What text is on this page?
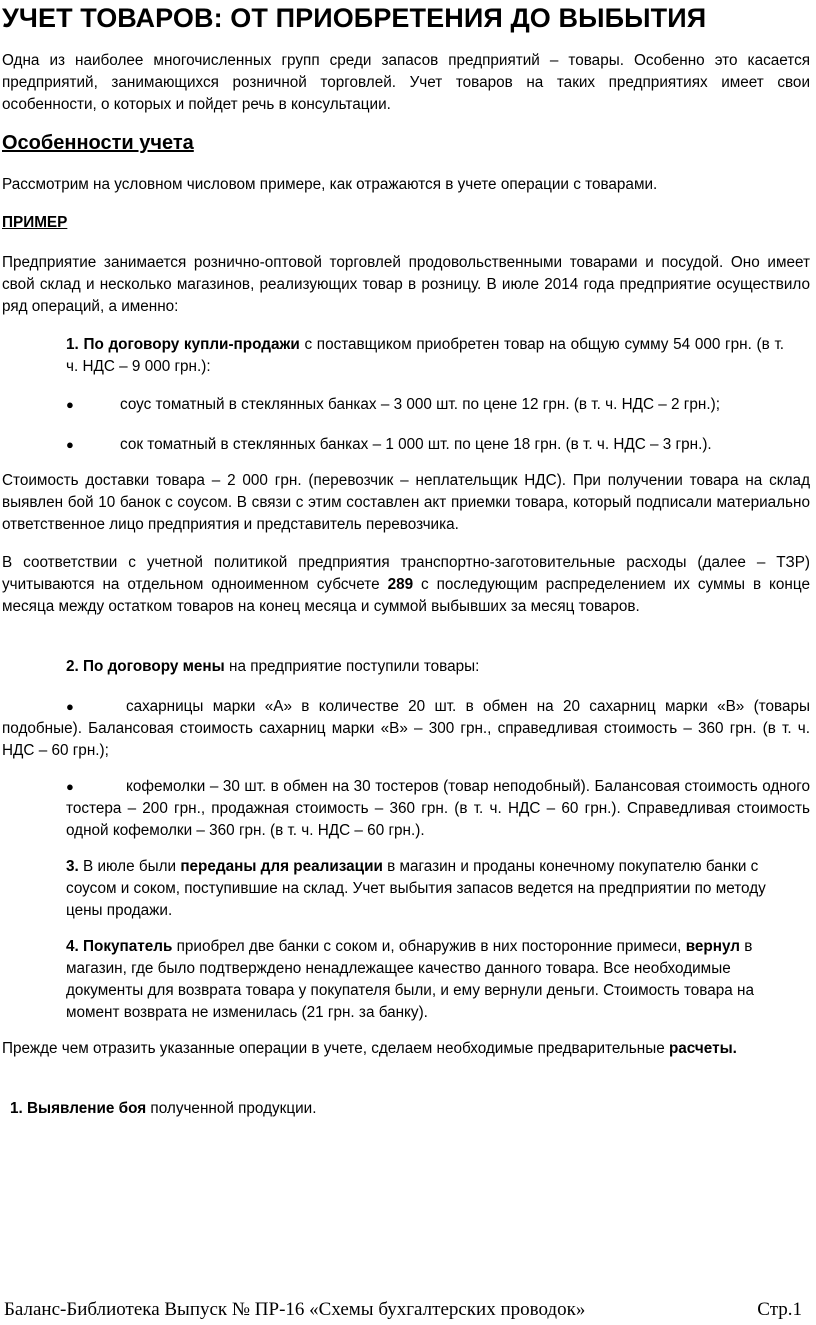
УЧЕТ ТОВАРОВ: ОТ ПРИОБРЕТЕНИЯ ДО ВЫБЫТИЯ

Одна из наиболее многочисленных групп среди запасов предприятий – товары. Особенно это касается предприятий, занимающихся розничной торговлей. Учет товаров на таких предприятиях имеет свои особенности, о которых и пойдет речь в консультации.

Особенности учета

Рассмотрим на условном числовом примере, как отражаются в учете операции с товарами.

ПРИМЕР

Предприятие занимается рознично-оптовой торговлей продовольственными товарами и посудой. Оно имеет свой склад и несколько магазинов, реализующих товар в розницу. В июле 2014 года предприятие осуществило ряд операций, а именно:

1. По договору купли-продажи с поставщиком приобретен товар на общую сумму 54 000 грн. (в т. ч. НДС – 9 000 грн.):

●	соус томатный в стеклянных банках – 3 000 шт. по цене 12 грн. (в т. ч. НДС – 2 грн.);

●	сок томатный в стеклянных банках – 1 000 шт. по цене 18 грн. (в т. ч. НДС – 3 грн.).

Стоимость доставки товара – 2 000 грн. (перевозчик – неплательщик НДС). При получении товара на склад выявлен бой 10 банок с соусом. В связи с этим составлен акт приемки товара, который подписали материально ответственное лицо предприятия и представитель перевозчика.

В соответствии с учетной политикой предприятия транспортно-заготовительные расходы (далее – ТЗР) учитываются на отдельном одноименном субсчете 289 с последующим распределением их суммы в конце месяца между остатком товаров на конец месяца и суммой выбывших за месяц товаров.

2. По договору мены на предприятие поступили товары:

●	сахарницы марки «А» в количестве 20 шт. в обмен на 20 сахарниц марки «В» (товары подобные). Балансовая стоимость сахарниц марки «В» – 300 грн., справедливая стоимость – 360 грн. (в т. ч. НДС – 60 грн.);

●	кофемолки – 30 шт. в обмен на 30 тостеров (товар неподобный). Балансовая стоимость одного тостера – 200 грн., продажная стоимость – 360 грн. (в т. ч. НДС – 60 грн.). Справедливая стоимость одной кофемолки – 360 грн. (в т. ч. НДС – 60 грн.).

3. В июле были переданы для реализации в магазин и проданы конечному покупателю банки с соусом и соком, поступившие на склад. Учет выбытия запасов ведется на предприятии по методу цены продажи.

4. Покупатель приобрел две банки с соком и, обнаружив в них посторонние примеси, вернул в магазин, где было подтверждено ненадлежащее качество данного товара. Все необходимые документы для возврата товара у покупателя были, и ему вернули деньги. Стоимость товара на момент возврата не изменилась (21 грн. за банку).

Прежде чем отразить указанные операции в учете, сделаем необходимые предварительные расчеты.

1. Выявление боя полученной продукции.

Баланс-Библиотека Выпуск № ПР-16 «Схемы бухгалтерских проводок»	Стр.1
